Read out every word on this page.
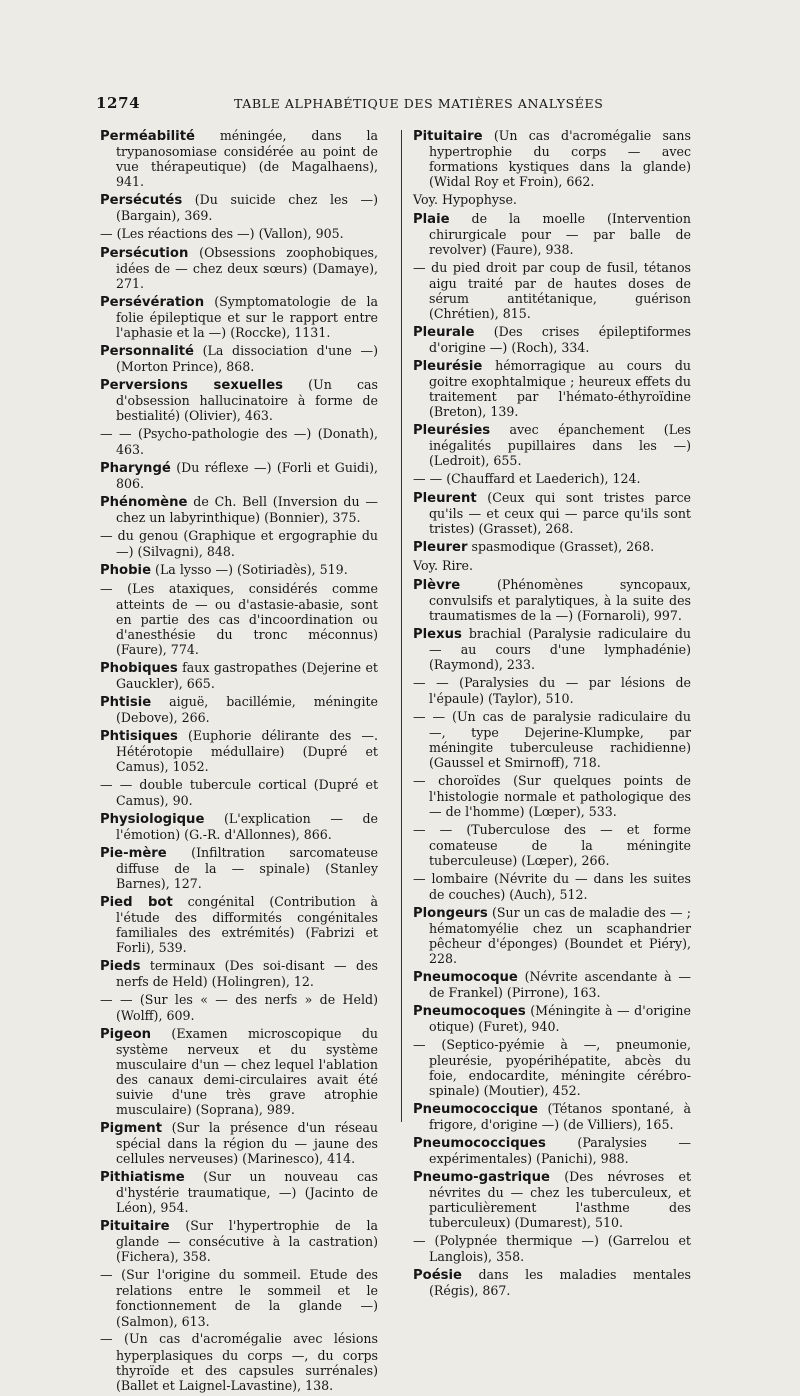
1274	TABLE ALPHABÉTIQUE DES MATIÈRES ANALYSÉES

Perméabilité méningée, dans la trypanosomiase considérée au point de vue thérapeutique) (de Magalhaens), 941.

Persécutés (Du suicide chez les —) (Bargain), 369.

— (Les réactions des —) (Vallon), 905.

Persécution (Obsessions zoophobiques, idées de — chez deux sœurs) (Damaye), 271.

Persévération (Symptomatologie de la folie épileptique et sur le rapport entre l'aphasie et la —) (Roccke), 1131.

Personnalité (La dissociation d'une —) (Morton Prince), 868.

Perversions sexuelles (Un cas d'obsession hallucinatoire à forme de bestialité) (Olivier), 463.

— — (Psycho-pathologie des —) (Donath), 463.

Pharyngé (Du réflexe —) (Forli et Guidi), 806.

Phénomène de Ch. Bell (Inversion du — chez un labyrinthique) (Bonnier), 375.

— du genou (Graphique et ergographie du —) (Silvagni), 848.

Phobie (La lysso —) (Sotiriadès), 519.

— (Les ataxiques, considérés comme atteints de — ou d'astasie-abasie, sont en partie des cas d'incoordination ou d'anesthésie du tronc méconnus) (Faure), 774.

Phobiques faux gastropathes (Dejerine et Gauckler), 665.

Phtisie aiguë, bacillémie, méningite (Debove), 266.

Phtisiques (Euphorie délirante des —. Hétérotopie médullaire) (Dupré et Camus), 1052.

— — double tubercule cortical (Dupré et Camus), 90.

Physiologique (L'explication — de l'émotion) (G.-R. d'Allonnes), 866.

Pie-mère (Infiltration sarcomateuse diffuse de la — spinale) (Stanley Barnes), 127.

Pied bot congénital (Contribution à l'étude des difformités congénitales familiales des extrémités) (Fabrizi et Forli), 539.

Pieds terminaux (Des soi-disant — des nerfs de Held) (Holingren), 12.

— — (Sur les « — des nerfs » de Held) (Wolff), 609.

Pigeon (Examen microscopique du système nerveux et du système musculaire d'un — chez lequel l'ablation des canaux demi-circulaires avait été suivie d'une très grave atrophie musculaire) (Soprana), 989.

Pigment (Sur la présence d'un réseau spécial dans la région du — jaune des cellules nerveuses) (Marinesco), 414.

Pithiatisme (Sur un nouveau cas d'hystérie traumatique, —) (Jacinto de Léon), 954.

Pituitaire (Sur l'hypertrophie de la glande — consécutive à la castration) (Fichera), 358.

— (Sur l'origine du sommeil. Etude des relations entre le sommeil et le fonctionnement de la glande —) (Salmon), 613.

— (Un cas d'acromégalie avec lésions hyperplasiques du corps —, du corps thyroïde et des capsules surrénales) (Ballet et Laignel-Lavastine), 138.

Pituitaire (Un cas d'acromégalie sans hypertrophie du corps — avec formations kystiques dans la glande) (Widal Roy et Froin), 662.

Voy. Hypophyse.

Plaie de la moelle (Intervention chirurgicale pour — par balle de revolver) (Faure), 938.

— du pied droit par coup de fusil, tétanos aigu traité par de hautes doses de sérum antitétanique, guérison (Chrétien), 815.

Pleurale (Des crises épileptiformes d'origine —) (Roch), 334.

Pleurésie hémorragique au cours du goitre exophtalmique ; heureux effets du traitement par l'hémato-éthyroïdine (Breton), 139.

Pleurésies avec épanchement (Les inégalités pupillaires dans les —) (Ledroit), 655.

— — (Chauffard et Laederich), 124.

Pleurent (Ceux qui sont tristes parce qu'ils — et ceux qui — parce qu'ils sont tristes) (Grasset), 268.

Pleurer spasmodique (Grasset), 268.

Voy. Rire.

Plèvre (Phénomènes syncopaux, convulsifs et paralytiques, à la suite des traumatismes de la —) (Fornaroli), 997.

Plexus brachial (Paralysie radiculaire du — au cours d'une lymphadénie) (Raymond), 233.

— — (Paralysies du — par lésions de l'épaule) (Taylor), 510.

— — (Un cas de paralysie radiculaire du —, type Dejerine-Klumpke, par méningite tuberculeuse rachidienne) (Gaussel et Smirnoff), 718.

— choroïdes (Sur quelques points de l'histologie normale et pathologique des — de l'homme) (Lœper), 533.

— — (Tuberculose des — et forme comateuse de la méningite tuberculeuse) (Lœper), 266.

— lombaire (Névrite du — dans les suites de couches) (Auch), 512.

Plongeurs (Sur un cas de maladie des — ; hématomyélie chez un scaphandrier pêcheur d'éponges) (Boundet et Piéry), 228.

Pneumocoque (Névrite ascendante à — de Frankel) (Pirrone), 163.

Pneumocoques (Méningite à — d'origine otique) (Furet), 940.

— (Septico-pyémie à —, pneumonie, pleurésie, pyopérihépatite, abcès du foie, endocardite, méningite cérébro-spinale) (Moutier), 452.

Pneumococcique (Tétanos spontané, à frigore, d'origine —) (de Villiers), 165.

Pneumococciques (Paralysies — expérimentales) (Panichi), 988.

Pneumo-gastrique (Des névroses et névrites du — chez les tuberculeux, et particulièrement l'asthme des tuberculeux) (Dumarest), 510.

— (Polypnée thermique —) (Garrelou et Langlois), 358.

Poésie dans les maladies mentales (Régis), 867.
